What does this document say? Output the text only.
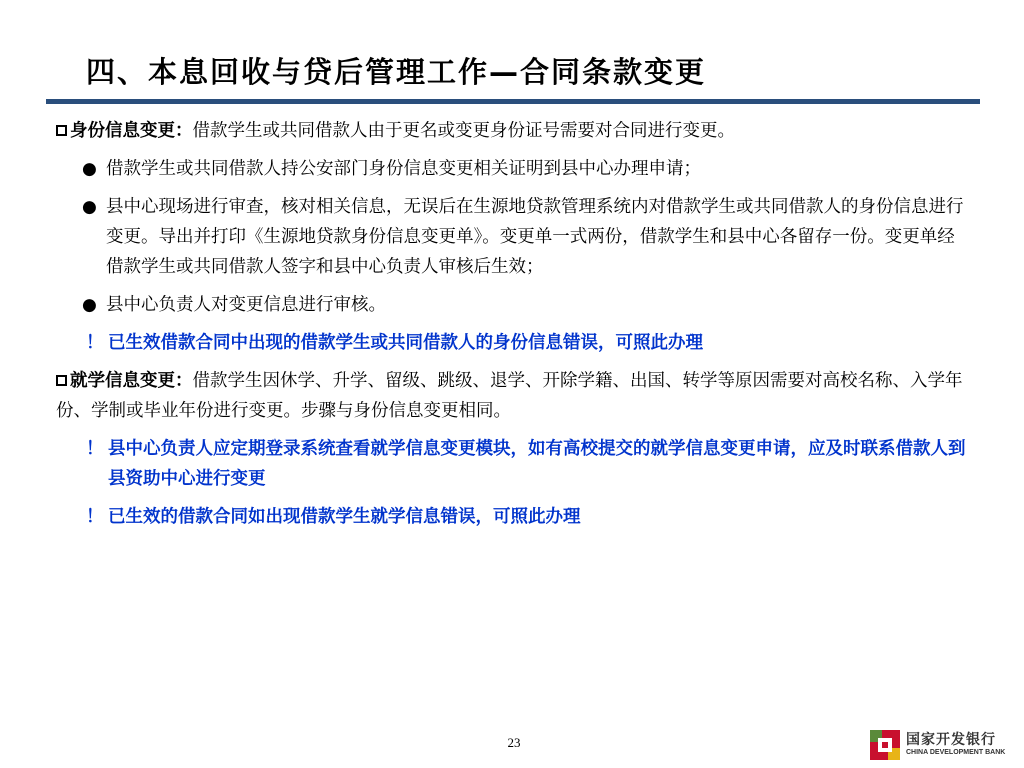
四、本息回收与贷后管理工作—合同条款变更
身份信息变更：借款学生或共同借款人由于更名或变更身份证号需要对合同进行变更。
● 借款学生或共同借款人持公安部门身份信息变更相关证明到县中心办理申请；
● 县中心现场进行审查，核对相关信息，无误后在生源地贷款管理系统内对借款学生或共同借款人的身份信息进行变更。导出并打印《生源地贷款身份信息变更单》。变更单一式两份，借款学生和县中心各留存一份。变更单经借款学生或共同借款人签字和县中心负责人审核后生效；
● 县中心负责人对变更信息进行审核。
！ 已生效借款合同中出现的借款学生或共同借款人的身份信息错误，可照此办理
就学信息变更：借款学生因休学、升学、留级、跳级、退学、开除学籍、出国、转学等原因需要对高校名称、入学年份、学制或毕业年份进行变更。步骤与身份信息变更相同。
！ 县中心负责人应定期登录系统查看就学信息变更模块，如有高校提交的就学信息变更申请，应及时联系借款人到县资助中心进行变更
！ 已生效的借款合同如出现借款学生就学信息错误，可照此办理
23	国家开发银行
CHINA DEVELOPMENT BANK
